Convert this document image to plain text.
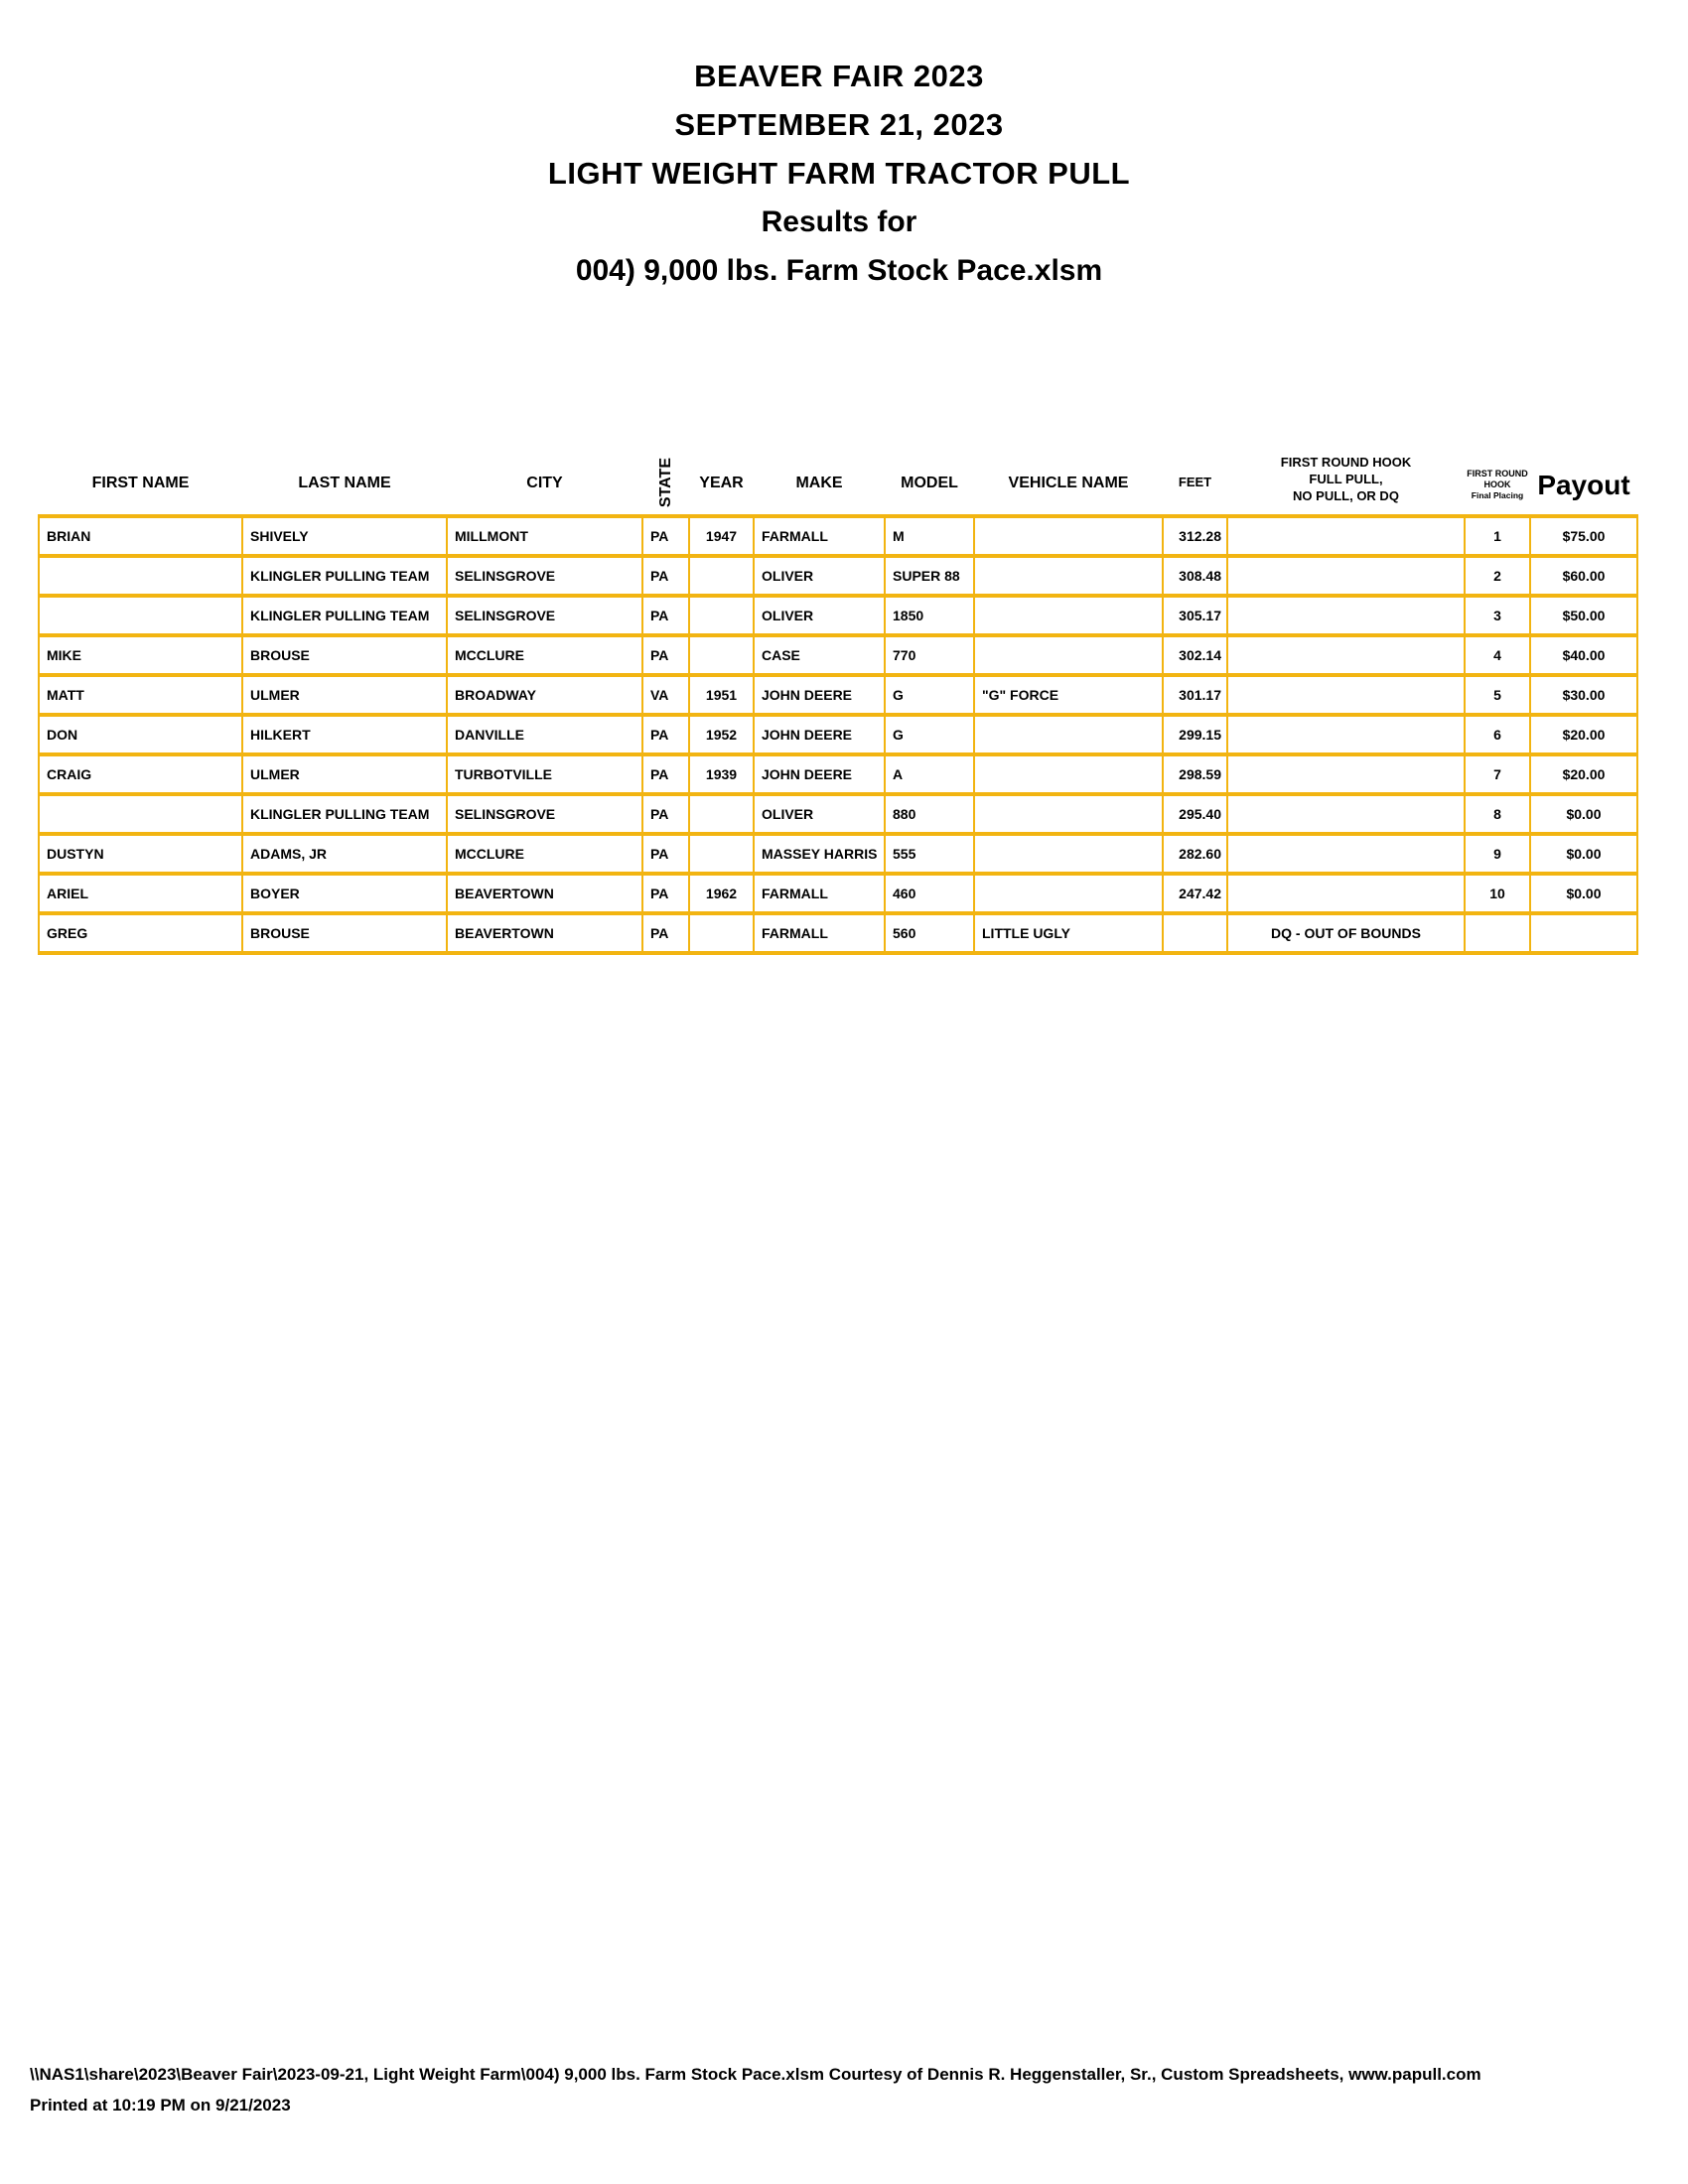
BEAVER FAIR 2023
SEPTEMBER 21, 2023
LIGHT WEIGHT FARM TRACTOR PULL
Results for
004) 9,000 lbs. Farm Stock Pace.xlsm
FIRST NAME	LAST NAME	CITY	STATE	YEAR	MAKE	MODEL	VEHICLE NAME	FEET	
FIRST ROUND HOOK
FULL PULL,
NO PULL, OR DQ

FIRST ROUND
HOOK
Final Placing	Payout
BRIAN	SHIVELY	MILLMONT	PA	1947	FARMALL	M		312.28		1	$75.00
	KLINGLER PULLING TEAM	SELINSGROVE	PA		OLIVER	SUPER 88		308.48		2	$60.00
	KLINGLER PULLING TEAM	SELINSGROVE	PA		OLIVER	1850		305.17		3	$50.00
MIKE	BROUSE	MCCLURE	PA		CASE	770		302.14		4	$40.00
MATT	ULMER	BROADWAY	VA	1951	JOHN DEERE	G	"G" FORCE	301.17		5	$30.00
DON	HILKERT	DANVILLE	PA	1952	JOHN DEERE	G		299.15		6	$20.00
CRAIG	ULMER	TURBOTVILLE	PA	1939	JOHN DEERE	A		298.59		7	$20.00
	KLINGLER PULLING TEAM	SELINSGROVE	PA		OLIVER	880		295.40		8	$0.00
DUSTYN	ADAMS, JR	MCCLURE	PA		MASSEY HARRIS	555		282.60		9	$0.00
ARIEL	BOYER	BEAVERTOWN	PA	1962	FARMALL	460		247.42		10	$0.00
GREG	BROUSE	BEAVERTOWN	PA		FARMALL	560	LITTLE UGLY		DQ - OUT OF BOUNDS		
\\NAS1\share\2023\Beaver Fair\2023-09-21, Light Weight Farm\004) 9,000 lbs. Farm Stock Pace.xlsm Courtesy of Dennis R. Heggenstaller, Sr., Custom Spreadsheets, www.papull.com
Printed at 10:19 PM on 9/21/2023
